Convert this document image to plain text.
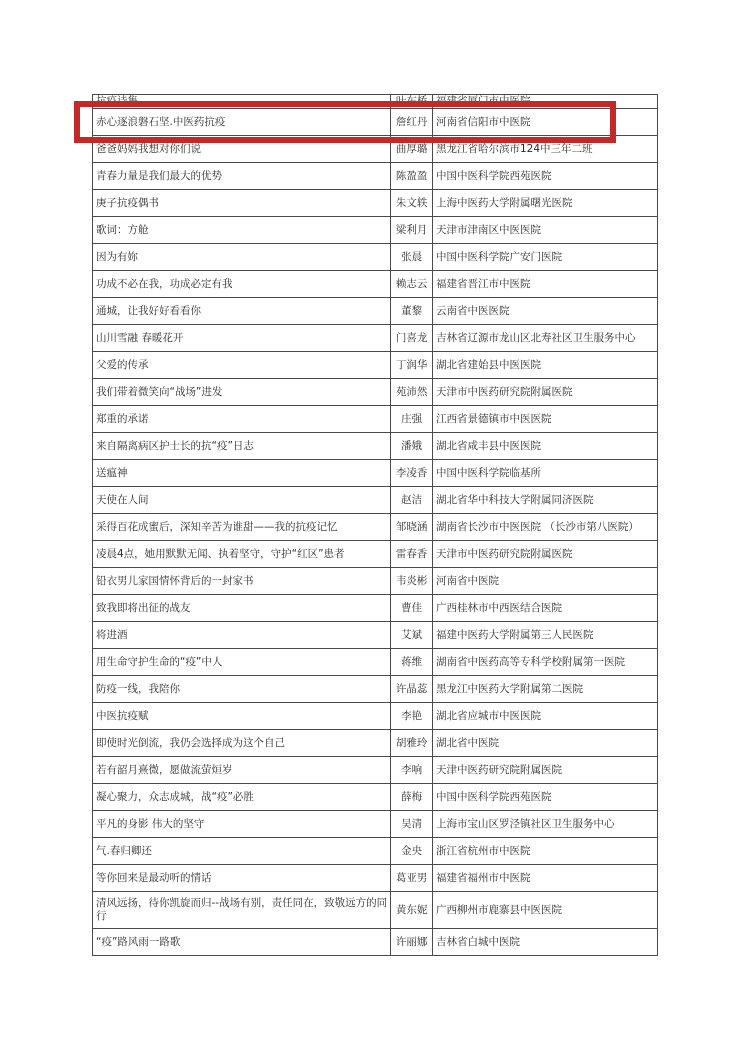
抗疫诗集	叶东桥	福建省厦门市中医院
赤心逐浪磐石坚.中医药抗疫	詹红丹	河南省信阳市中医院
爸爸妈妈我想对你们说	曲厚璐	黑龙江省哈尔滨市124中三年二班
青春力量是我们最大的优势	陈盈盈	中国中医科学院西苑医院
庚子抗疫偶书	朱文轶	上海中医药大学附属曙光医院
歌词：方舱	梁利月	天津市津南区中医医院
因为有妳	张晨	中国中医科学院广安门医院
功成不必在我，功成必定有我	赖志云	福建省晋江市中医院
通城，让我好好看看你	董黎	云南省中医医院
山川雪融 春暖花开	门喜龙	吉林省辽源市龙山区北寿社区卫生服务中心
父爱的传承	丁润华	湖北省建始县中医医院
我们带着微笑向“战场”进发	苑沛然	天津市中医药研究院附属医院
郑重的承诺	庄强	江西省景德镇市中医医院
来自隔离病区护士长的抗“疫”日志	潘娥	湖北省咸丰县中医医院
送瘟神	李凌香	中国中医科学院临基所
天使在人间	赵洁	湖北省华中科技大学附属同济医院
采得百花成蜜后，深知辛苦为谁甜——我的抗疫记忆	邹晓涵	湖南省长沙市中医医院 （长沙市第八医院）
凌晨4点，她用默默无闻、执着坚守，守护“红区”患者	雷春香	天津市中医药研究院附属医院
铅衣男儿家国情怀背后的一封家书	韦炎彬	河南省中医院
致我即将出征的战友	曹佳	广西桂林市中西医结合医院
将进酒	艾斌	福建中医药大学附属第三人民医院
用生命守护生命的“疫”中人	蒋维	湖南省中医药高等专科学校附属第一医院
防疫一线，我陪你	许晶蕊	黑龙江中医药大学附属第二医院
中医抗疫赋	李艳	湖北省应城市中医医院
即使时光倒流，我仍会选择成为这个自己	胡雅玲	湖北省中医院
若有韶月熹微，愿做流萤烜岁	李响	天津中医药研究院附属医院
凝心聚力，众志成城，战“疫”必胜	薛梅	中国中医科学院西苑医院
平凡的身影 伟大的坚守	吴清	上海市宝山区罗泾镇社区卫生服务中心
气.春归卿还	金央	浙江省杭州市中医院
等你回来是最动听的情话	葛亚男	福建省福州市中医院
清风远扬，待你凯旋而归--战场有别，责任同在，致敬远方的同行	黄东妮	广西柳州市鹿寨县中医医院
“疫”路风雨一路歌	许丽娜	吉林省白城中医院
